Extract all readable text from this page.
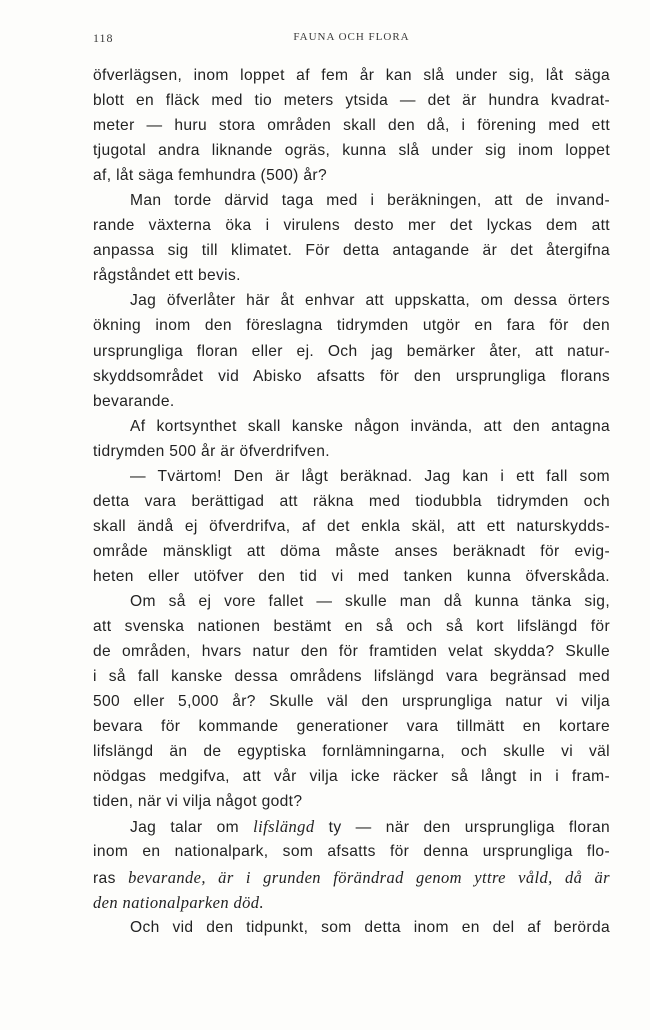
118	FAUNA OCH FLORA
öfverlägsen, inom loppet af fem år kan slå under sig, låt säga
blott en fläck med tio meters ytsida — det är hundra kvadrat-
meter — huru stora områden skall den då, i förening med ett
tjugotal andra liknande ogräs, kunna slå under sig inom loppet
af, låt säga femhundra (500) år?
Man torde därvid taga med i beräkningen, att de invand-
rande växterna öka i virulens desto mer det lyckas dem att
anpassa sig till klimatet. För detta antagande är det återgifna
rågståndet ett bevis.
Jag öfverlåter här åt enhvar att uppskatta, om dessa örters
ökning inom den föreslagna tidrymden utgör en fara för den
ursprungliga floran eller ej. Och jag bemärker åter, att natur-
skyddsområdet vid Abisko afsatts för den ursprungliga florans
bevarande.
Af kortsynthet skall kanske någon invända, att den antagna
tidrymden 500 år är öfverdrifven.
— Tvärtom! Den är lågt beräknad. Jag kan i ett fall som
detta vara berättigad att räkna med tiodubbla tidrymden och
skall ändå ej öfverdrifva, af det enkla skäl, att ett naturskydds-
område mänskligt att döma måste anses beräknadt för evig-
heten eller utöfver den tid vi med tanken kunna öfverskåda.
Om så ej vore fallet — skulle man då kunna tänka sig,
att svenska nationen bestämt en så och så kort lifslängd för
de områden, hvars natur den för framtiden velat skydda? Skulle
i så fall kanske dessa områdens lifslängd vara begränsad med
500 eller 5,000 år? Skulle väl den ursprungliga natur vi vilja
bevara för kommande generationer vara tillmätt en kortare
lifslängd än de egyptiska fornlämningarna, och skulle vi väl
nödgas medgifva, att vår vilja icke räcker så långt in i fram-
tiden, när vi vilja något godt?
Jag talar om lifslängd ty — när den ursprungliga floran
inom en nationalpark, som afsatts för denna ursprungliga flo-
ras bevarande, är i grunden förändrad genom yttre våld, då är
den nationalparken död.
Och vid den tidpunkt, som detta inom en del af berörda
